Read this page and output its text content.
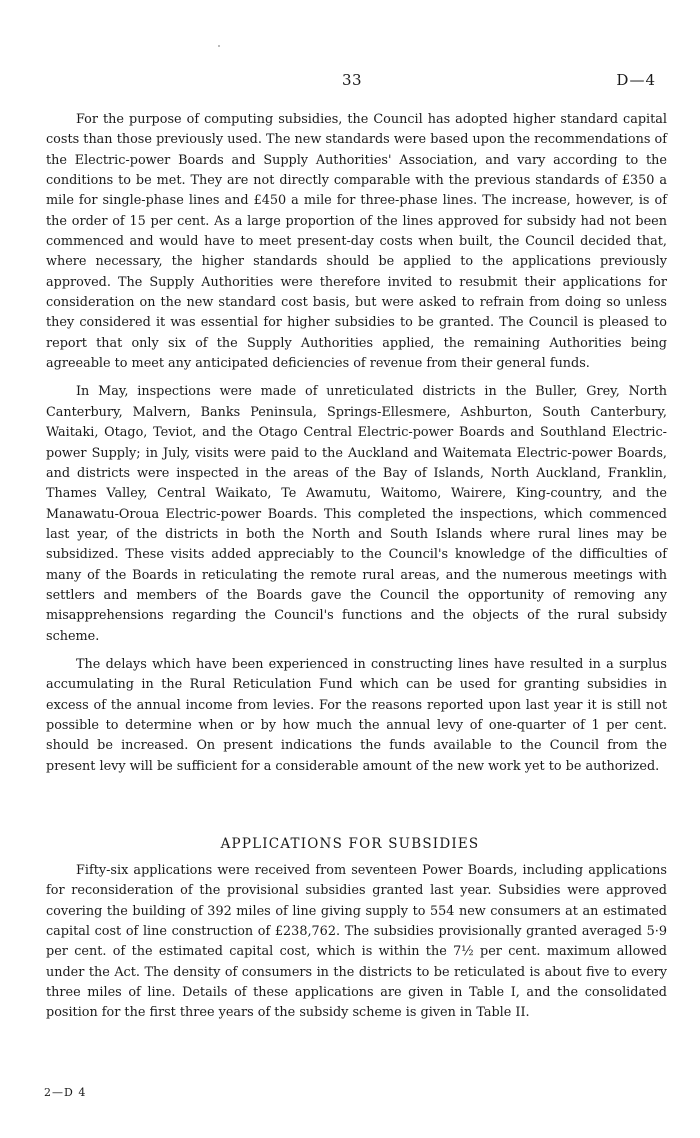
33	D—4

For the purpose of computing subsidies, the Council has adopted higher standard capital costs than those previously used. The new standards were based upon the recommendations of the Electric-power Boards and Supply Authorities' Association, and vary according to the conditions to be met. They are not directly comparable with the previous standards of £350 a mile for single-phase lines and £450 a mile for three-phase lines. The increase, however, is of the order of 15 per cent. As a large proportion of the lines approved for subsidy had not been commenced and would have to meet present-day costs when built, the Council decided that, where necessary, the higher standards should be applied to the applications previously approved. The Supply Authorities were therefore invited to resubmit their applications for consideration on the new standard cost basis, but were asked to refrain from doing so unless they considered it was essential for higher subsidies to be granted. The Council is pleased to report that only six of the Supply Authorities applied, the remaining Authorities being agreeable to meet any anticipated deficiencies of revenue from their general funds.

In May, inspections were made of unreticulated districts in the Buller, Grey, North Canterbury, Malvern, Banks Peninsula, Springs-Ellesmere, Ashburton, South Canterbury, Waitaki, Otago, Teviot, and the Otago Central Electric-power Boards and Southland Electric-power Supply; in July, visits were paid to the Auckland and Waitemata Electric-power Boards, and districts were inspected in the areas of the Bay of Islands, North Auckland, Franklin, Thames Valley, Central Waikato, Te Awamutu, Waitomo, Wairere, King-country, and the Manawatu-Oroua Electric-power Boards. This completed the inspections, which commenced last year, of the districts in both the North and South Islands where rural lines may be subsidized. These visits added appreciably to the Council's knowledge of the difficulties of many of the Boards in reticulating the remote rural areas, and the numerous meetings with settlers and members of the Boards gave the Council the opportunity of removing any misapprehensions regarding the Council's functions and the objects of the rural subsidy scheme.

The delays which have been experienced in constructing lines have resulted in a surplus accumulating in the Rural Reticulation Fund which can be used for granting subsidies in excess of the annual income from levies. For the reasons reported upon last year it is still not possible to determine when or by how much the annual levy of one-quarter of 1 per cent. should be increased. On present indications the funds available to the Council from the present levy will be sufficient for a considerable amount of the new work yet to be authorized.

APPLICATIONS FOR SUBSIDIES

Fifty-six applications were received from seventeen Power Boards, including applications for reconsideration of the provisional subsidies granted last year. Subsidies were approved covering the building of 392 miles of line giving supply to 554 new consumers at an estimated capital cost of line construction of £238,762. The subsidies provisionally granted averaged 5·9 per cent. of the estimated capital cost, which is within the 7½ per cent. maximum allowed under the Act. The density of consumers in the districts to be reticulated is about five to every three miles of line. Details of these applications are given in Table I, and the consolidated position for the first three years of the subsidy scheme is given in Table II.

2—D 4
